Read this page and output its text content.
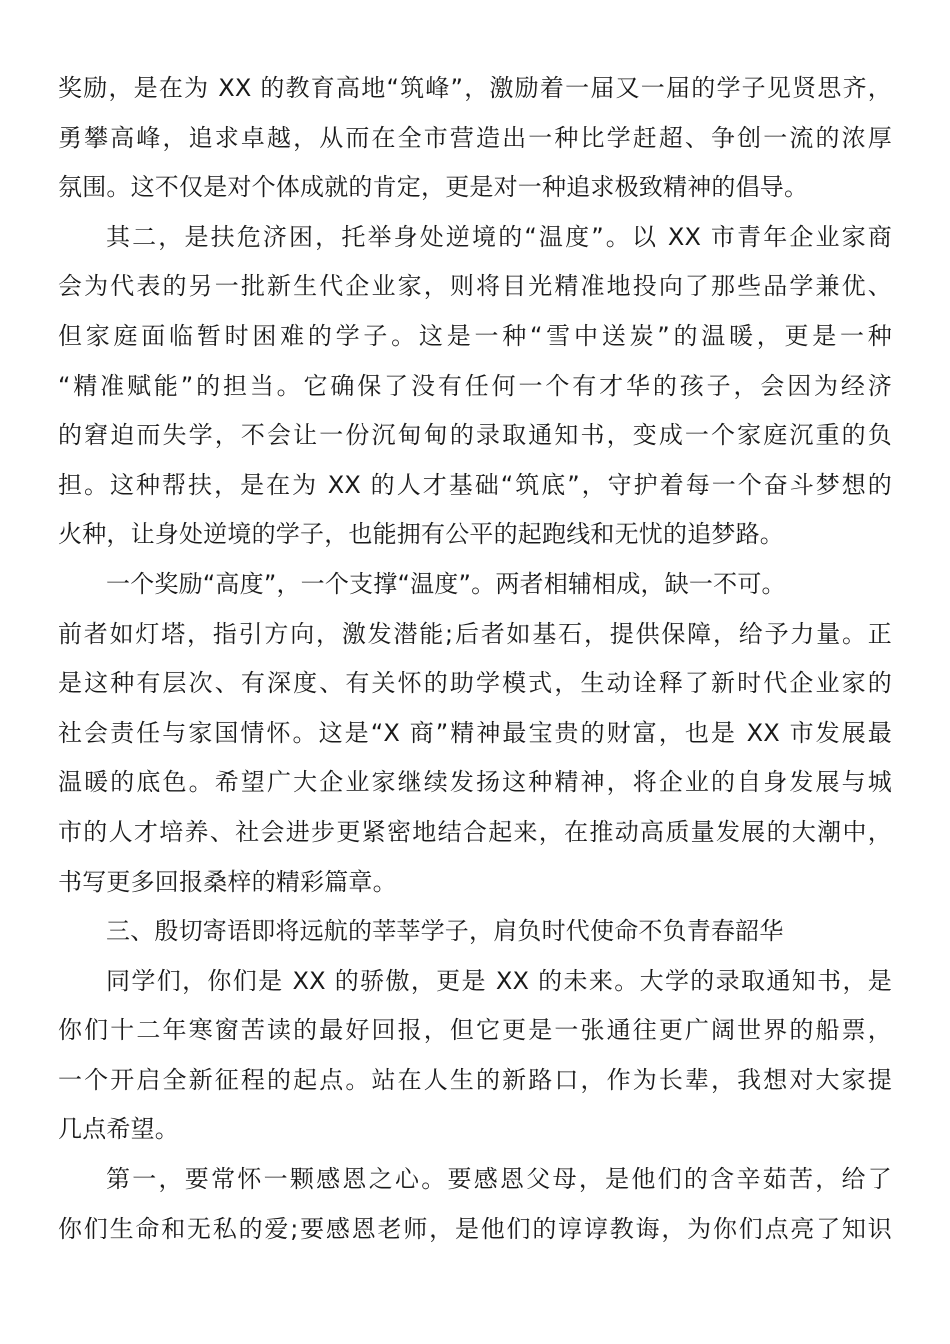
奖励，是在为 XX 的教育高地“筑峰”，激励着一届又一届的学子见贤思齐，
勇攀高峰，追求卓越，从而在全市营造出一种比学赶超、争创一流的浓厚
氛围。这不仅是对个体成就的肯定，更是对一种追求极致精神的倡导。
其二，是扶危济困，托举身处逆境的“温度”。以 XX 市青年企业家商
会为代表的另一批新生代企业家，则将目光精准地投向了那些品学兼优、
但家庭面临暂时困难的学子。这是一种“雪中送炭”的温暖，更是一种
“精准赋能”的担当。它确保了没有任何一个有才华的孩子，会因为经济
的窘迫而失学，不会让一份沉甸甸的录取通知书，变成一个家庭沉重的负
担。这种帮扶，是在为 XX 的人才基础“筑底”，守护着每一个奋斗梦想的
火种，让身处逆境的学子，也能拥有公平的起跑线和无忧的追梦路。
一个奖励“高度”，一个支撑“温度”。两者相辅相成，缺一不可。
前者如灯塔，指引方向，激发潜能;后者如基石，提供保障，给予力量。正
是这种有层次、有深度、有关怀的助学模式，生动诠释了新时代企业家的
社会责任与家国情怀。这是“X 商”精神最宝贵的财富，也是 XX 市发展最
温暖的底色。希望广大企业家继续发扬这种精神，将企业的自身发展与城
市的人才培养、社会进步更紧密地结合起来，在推动高质量发展的大潮中，
书写更多回报桑梓的精彩篇章。
三、殷切寄语即将远航的莘莘学子，肩负时代使命不负青春韶华
同学们，你们是 XX 的骄傲，更是 XX 的未来。大学的录取通知书，是
你们十二年寒窗苦读的最好回报，但它更是一张通往更广阔世界的船票，
一个开启全新征程的起点。站在人生的新路口，作为长辈，我想对大家提
几点希望。
第一，要常怀一颗感恩之心。要感恩父母，是他们的含辛茹苦，给了
你们生命和无私的爱;要感恩老师，是他们的谆谆教诲，为你们点亮了知识
